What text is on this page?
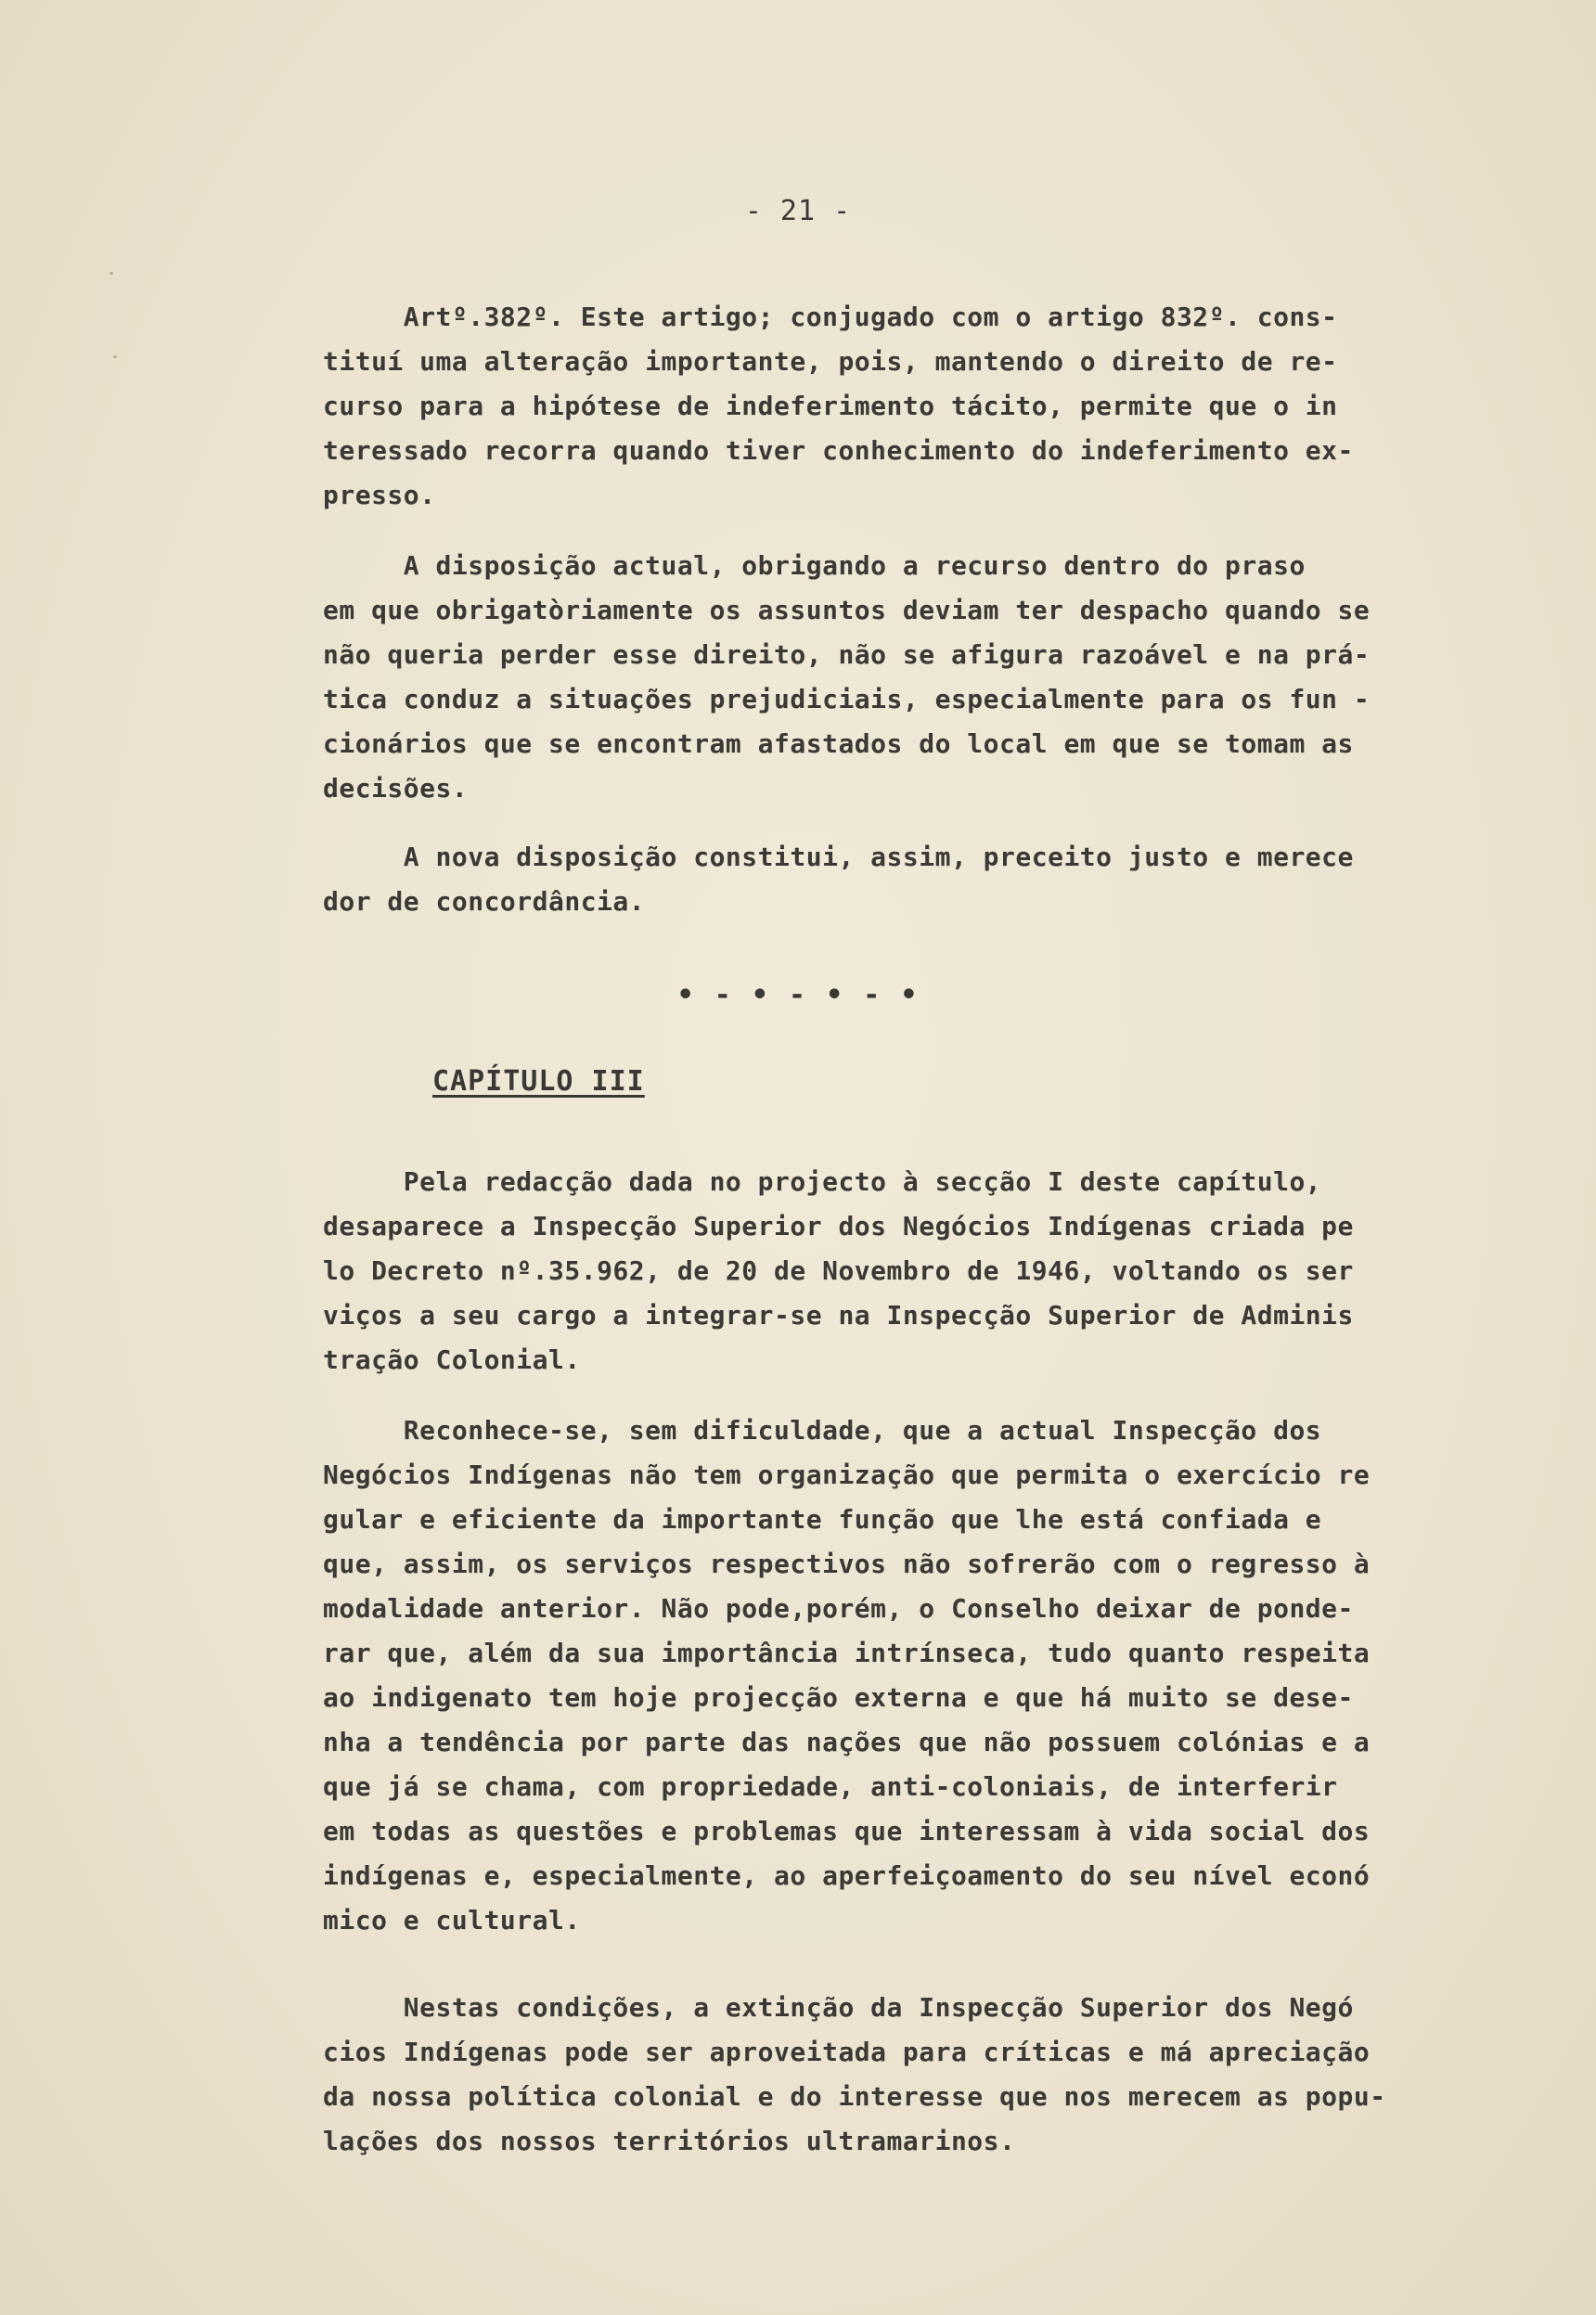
- 21 -
Artº.382º. Este artigo; conjugado com o artigo 832º. cons-
tituí uma alteração importante, pois, mantendo o direito de re-
curso para a hipótese de indeferimento tácito, permite que o in
teressado recorra quando tiver conhecimento do indeferimento ex-
presso.
A disposição actual, obrigando a recurso dentro do praso
em que obrigatòriamente os assuntos deviam ter despacho quando se
não queria perder esse direito, não se afigura razoável e na prá-
tica conduz a situações prejudiciais, especialmente para os fun -
cionários que se encontram afastados do local em que se tomam as
decisões.
A nova disposição constitui, assim, preceito justo e merece
dor de concordância.
• - • - • - •
CAPÍTULO III
Pela redacção dada no projecto à secção I deste capítulo,
desaparece a Inspecção Superior dos Negócios Indígenas criada pe
lo Decreto nº.35.962, de 20 de Novembro de 1946, voltando os ser
viços a seu cargo a integrar-se na Inspecção Superior de Adminis
tração Colonial.
Reconhece-se, sem dificuldade, que a actual Inspecção dos
Negócios Indígenas não tem organização que permita o exercício re
gular e eficiente da importante função que lhe está confiada e
que, assim, os serviços respectivos não sofrerão com o regresso à
modalidade anterior. Não pode,porém, o Conselho deixar de ponde-
rar que, além da sua importância intrínseca, tudo quanto respeita
ao indigenato tem hoje projecção externa e que há muito se dese-
nha a tendência por parte das nações que não possuem colónias e a
que já se chama, com propriedade, anti-coloniais, de interferir
em todas as questões e problemas que interessam à vida social dos
indígenas e, especialmente, ao aperfeiçoamento do seu nível econó
mico e cultural.
Nestas condições, a extinção da Inspecção Superior dos Negó
cios Indígenas pode ser aproveitada para críticas e má apreciação
da nossa política colonial e do interesse que nos merecem as popu-
lações dos nossos territórios ultramarinos.
